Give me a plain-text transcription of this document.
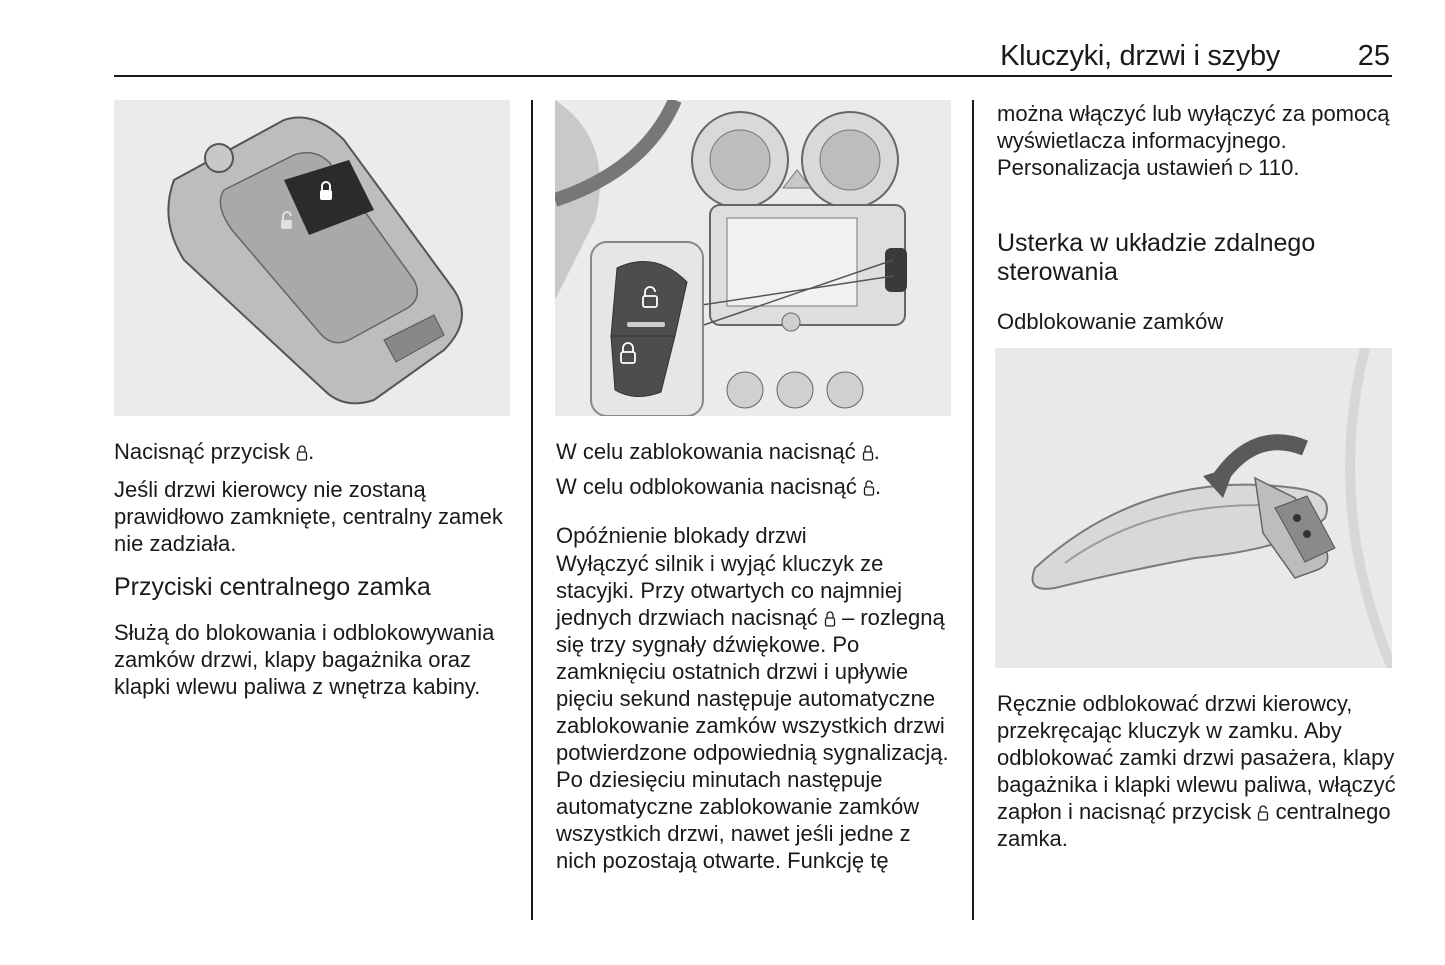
Kluczyki, drzwi i szyby	25

Nacisnąć przycisk .

Jeśli drzwi kierowcy nie zostaną prawidłowo zamknięte, centralny zamek nie zadziała.

Przyciski centralnego zamka

Służą do blokowania i odblokowywania zamków drzwi, klapy bagażnika oraz klapki wlewu paliwa z wnętrza kabiny.

W celu zablokowania nacisnąć .

W celu odblokowania nacisnąć .

Opóźnienie blokady drzwi

Wyłączyć silnik i wyjąć kluczyk ze stacyjki. Przy otwartych co najmniej jednych drzwiach nacisnąć  – rozlegną się trzy sygnały dźwiękowe. Po zamknięciu ostatnich drzwi i upływie pięciu sekund następuje automatyczne zablokowanie zamków wszystkich drzwi potwierdzone odpowiednią sygnalizacją. Po dziesięciu minutach następuje automatyczne zablokowanie zamków wszystkich drzwi, nawet jeśli jedne z nich pozostają otwarte. Funkcję tę

można włączyć lub wyłączyć za pomocą wyświetlacza informacyjnego. Personalizacja ustawień  110.

Usterka w układzie zdalnego sterowania

Odblokowanie zamków

Ręcznie odblokować drzwi kierowcy, przekręcając kluczyk w zamku. Aby odblokować zamki drzwi pasażera, klapy bagażnika i klapki wlewu paliwa, włączyć zapłon i nacisnąć przycisk  centralnego zamka.
